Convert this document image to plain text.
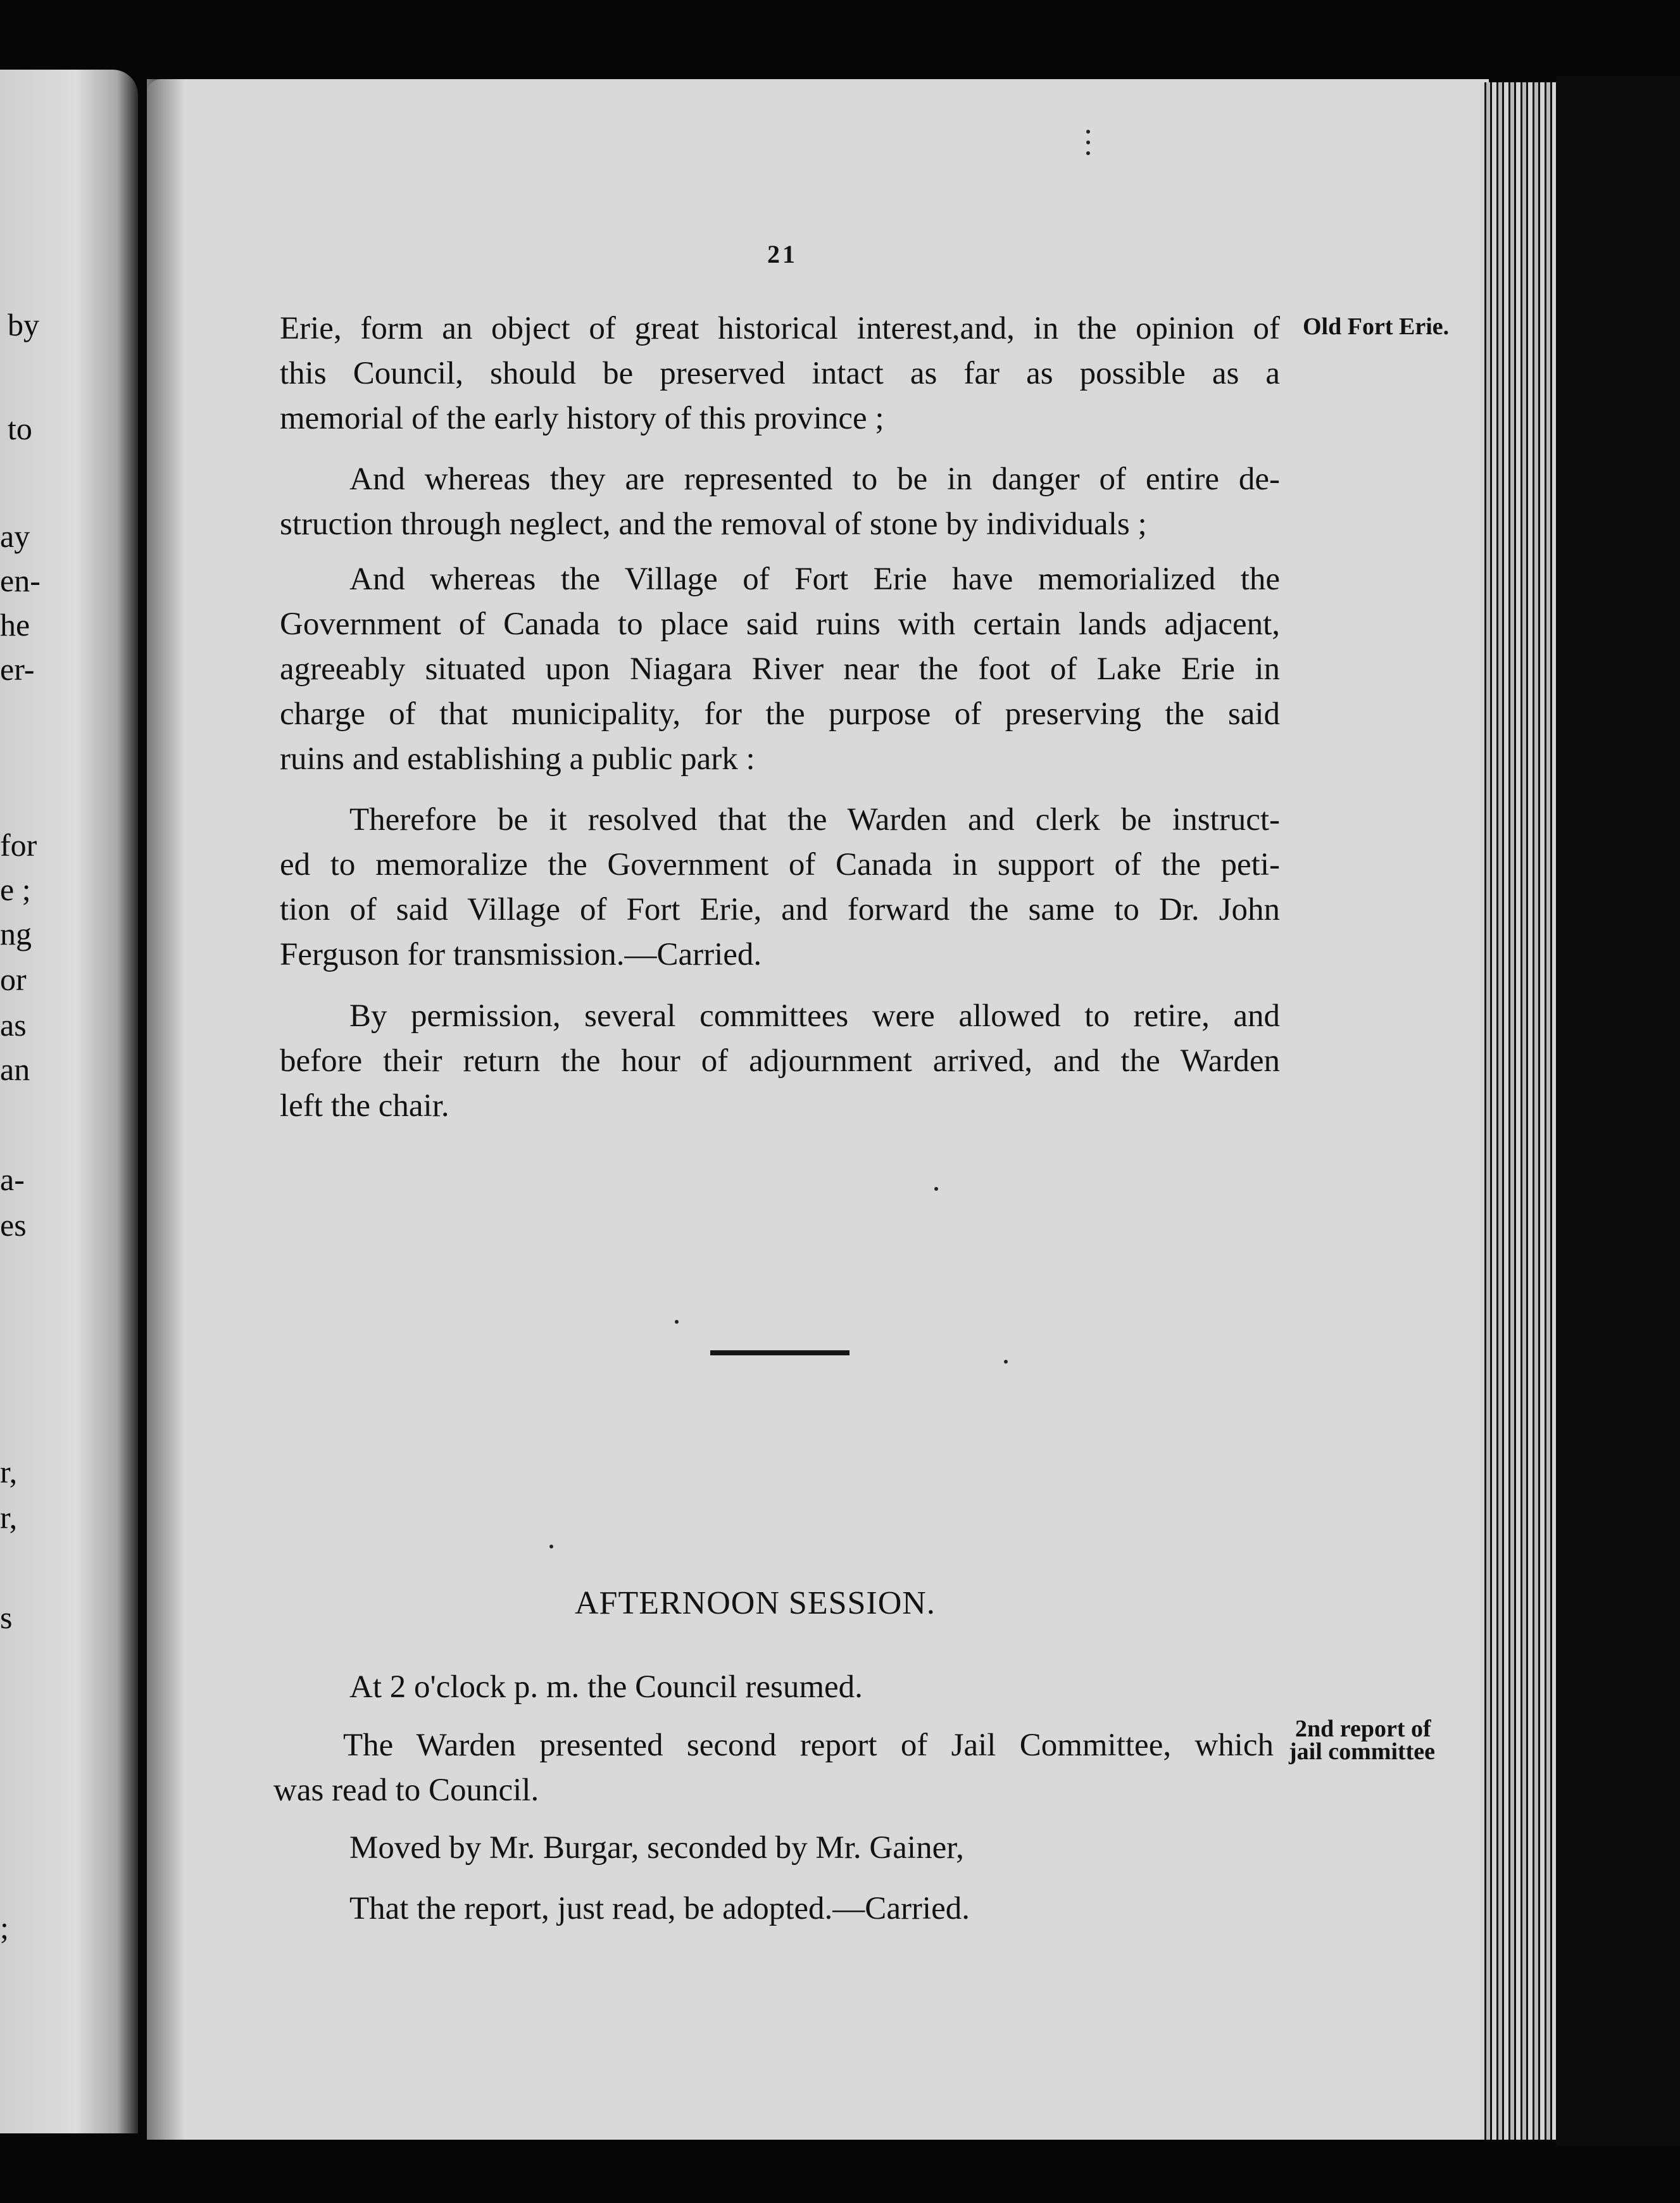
by
to
ay
en-
he
er-
for
e ;
ng
or
as
an
a-
es
r,
r,
s
;
21
Old Fort Erie.
2nd report of
jail committee
Erie, form an object of great historical interest,and, in the opinion of
this Council, should be preserved intact as far as possible as a
memorial of the early history of this province ;
And whereas they are represented to be in danger of entire de-
struction through neglect, and the removal of stone by individuals ;
And whereas the Village of Fort Erie have memorialized the
Government of Canada to place said ruins with certain lands adjacent,
agreeably situated upon Niagara River near the foot of Lake Erie in
charge of that municipality, for the purpose of preserving the said
ruins and establishing a public park :
Therefore be it resolved that the Warden and clerk be instruct-
ed to memoralize the Government of Canada in support of the peti-
tion of said Village of Fort Erie, and forward the same to Dr. John
Ferguson for transmission.—Carried.
By permission, several committees were allowed to retire, and
before their return the hour of adjournment arrived, and the Warden
left the chair.
AFTERNOON SESSION.
At 2 o'clock p. m. the Council resumed.
The Warden presented second report of Jail Committee, which
was read to Council.
Moved by Mr. Burgar, seconded by Mr. Gainer,
That the report, just read, be adopted.—Carried.
